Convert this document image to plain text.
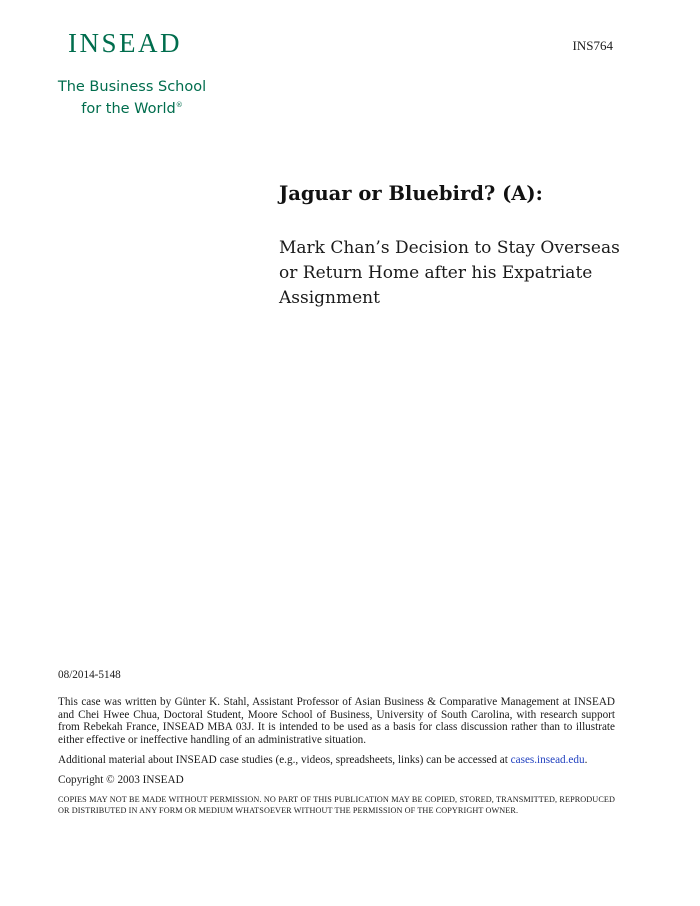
INSEAD
The Business School
for the World®
INS764
Jaguar or Bluebird? (A):

Mark Chan’s Decision to Stay Overseas or Return Home after his Expatriate Assignment

08/2014-5148

This case was written by Günter K. Stahl, Assistant Professor of Asian Business & Comparative Management at INSEAD and Chei Hwee Chua, Doctoral Student, Moore School of Business, University of South Carolina, with research support from Rebekah France, INSEAD MBA 03J. It is intended to be used as a basis for class discussion rather than to illustrate either effective or ineffective handling of an administrative situation.

Additional material about INSEAD case studies (e.g., videos, spreadsheets, links) can be accessed at cases.insead.edu.

Copyright © 2003 INSEAD

COPIES MAY NOT BE MADE WITHOUT PERMISSION. NO PART OF THIS PUBLICATION MAY BE COPIED, STORED, TRANSMITTED, REPRODUCED OR DISTRIBUTED IN ANY FORM OR MEDIUM WHATSOEVER WITHOUT THE PERMISSION OF THE COPYRIGHT OWNER.
